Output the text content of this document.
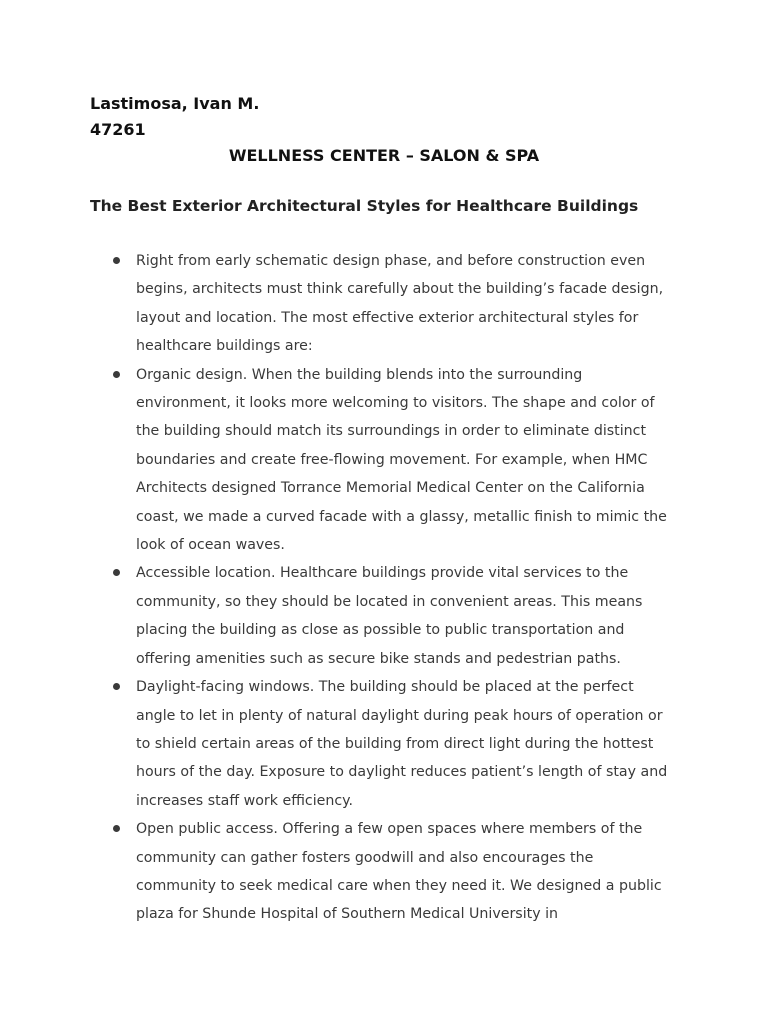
Lastimosa, Ivan M.
47261
WELLNESS CENTER – SALON & SPA
The Best Exterior Architectural Styles for Healthcare Buildings
Right from early schematic design phase, and before construction even begins, architects must think carefully about the building’s facade design, layout and location. The most effective exterior architectural styles for healthcare buildings are:
Organic design. When the building blends into the surrounding environment, it looks more welcoming to visitors. The shape and color of the building should match its surroundings in order to eliminate distinct boundaries and create free-flowing movement. For example, when HMC Architects designed Torrance Memorial Medical Center on the California coast, we made a curved facade with a glassy, metallic finish to mimic the look of ocean waves.
Accessible location. Healthcare buildings provide vital services to the community, so they should be located in convenient areas. This means placing the building as close as possible to public transportation and offering amenities such as secure bike stands and pedestrian paths.
Daylight-facing windows. The building should be placed at the perfect angle to let in plenty of natural daylight during peak hours of operation or to shield certain areas of the building from direct light during the hottest hours of the day. Exposure to daylight reduces patient’s length of stay and increases staff work efficiency.
Open public access. Offering a few open spaces where members of the community can gather fosters goodwill and also encourages the community to seek medical care when they need it. We designed a public plaza for Shunde Hospital of Southern Medical University in
